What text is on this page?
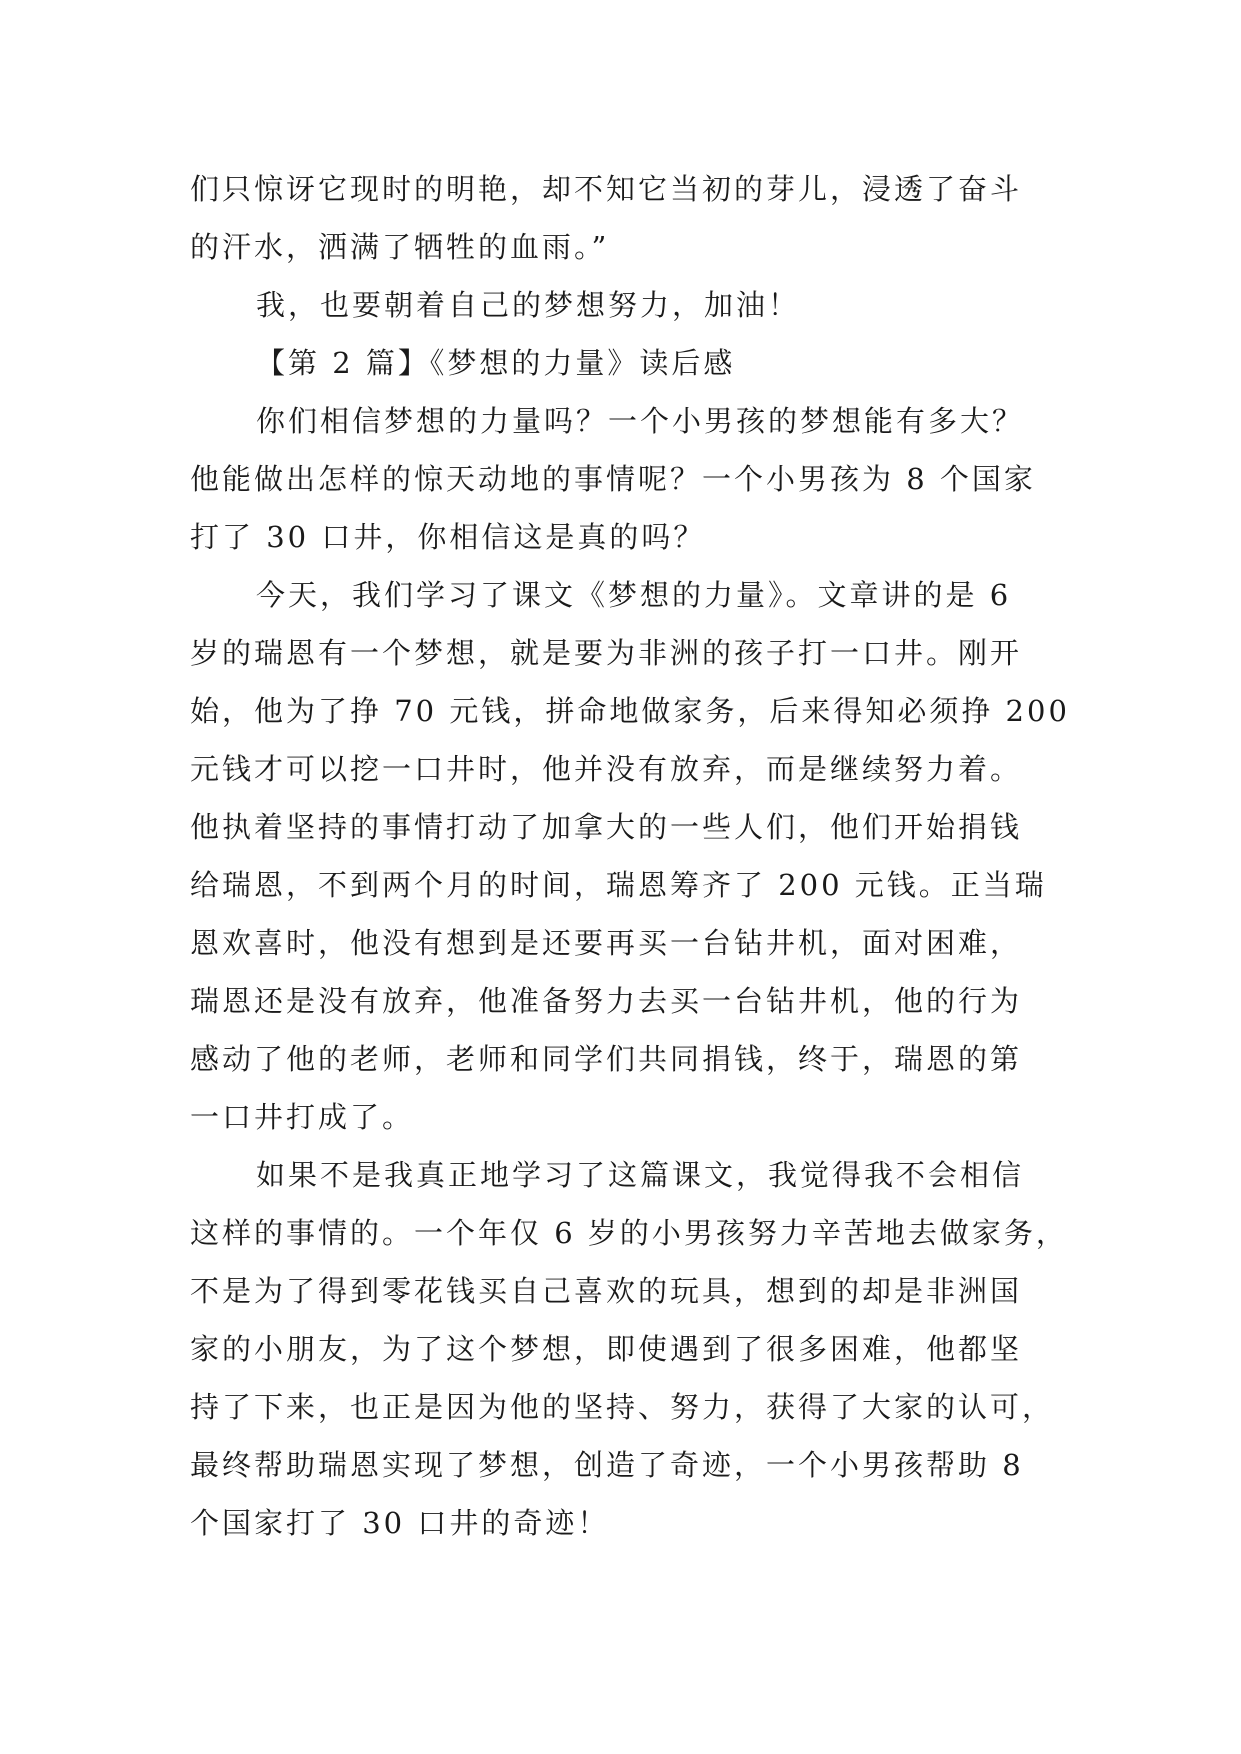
们只惊讶它现时的明艳，却不知它当初的芽儿，浸透了奋斗
的汗水，洒满了牺牲的血雨。”
我，也要朝着自己的梦想努力，加油！
【第 2 篇】《梦想的力量》读后感
你们相信梦想的力量吗？一个小男孩的梦想能有多大？
他能做出怎样的惊天动地的事情呢？一个小男孩为 8 个国家
打了 30 口井，你相信这是真的吗？
今天，我们学习了课文《梦想的力量》。文章讲的是 6
岁的瑞恩有一个梦想，就是要为非洲的孩子打一口井。刚开
始，他为了挣 70 元钱，拼命地做家务，后来得知必须挣 200
元钱才可以挖一口井时，他并没有放弃，而是继续努力着。
他执着坚持的事情打动了加拿大的一些人们，他们开始捐钱
给瑞恩，不到两个月的时间，瑞恩筹齐了 200 元钱。正当瑞
恩欢喜时，他没有想到是还要再买一台钻井机，面对困难，
瑞恩还是没有放弃，他准备努力去买一台钻井机，他的行为
感动了他的老师，老师和同学们共同捐钱，终于，瑞恩的第
一口井打成了。
如果不是我真正地学习了这篇课文，我觉得我不会相信
这样的事情的。一个年仅 6 岁的小男孩努力辛苦地去做家务，
不是为了得到零花钱买自己喜欢的玩具，想到的却是非洲国
家的小朋友，为了这个梦想，即使遇到了很多困难，他都坚
持了下来，也正是因为他的坚持、努力，获得了大家的认可，
最终帮助瑞恩实现了梦想，创造了奇迹，一个小男孩帮助 8
个国家打了 30 口井的奇迹！
